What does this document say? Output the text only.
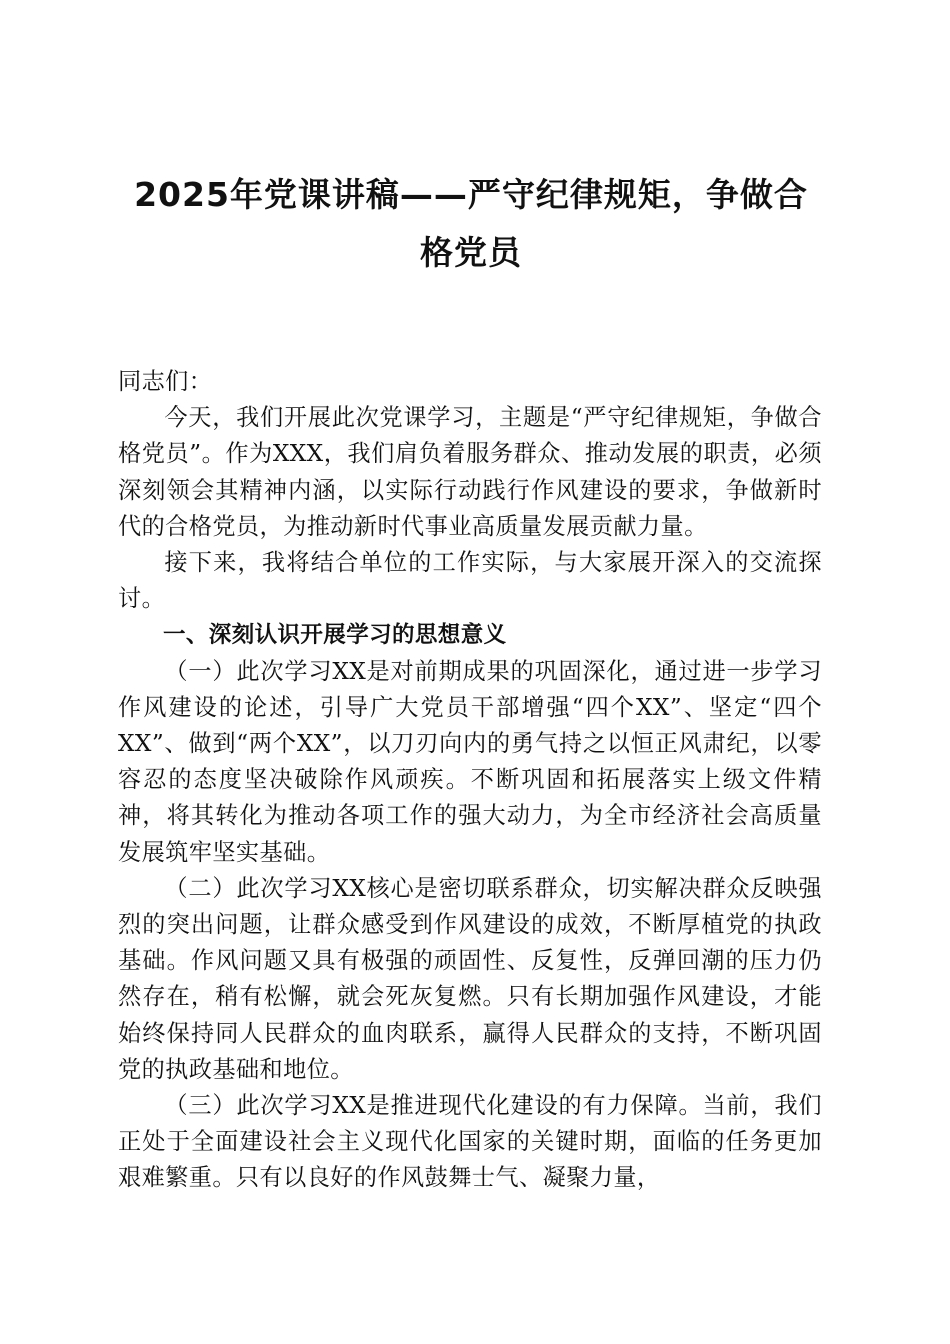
2025年党课讲稿——严守纪律规矩，争做合格党员

同志们：

今天，我们开展此次党课学习，主题是“严守纪律规矩，争做合格党员”。作为XXX，我们肩负着服务群众、推动发展的职责，必须深刻领会其精神内涵，以实际行动践行作风建设的要求，争做新时代的合格党员，为推动新时代事业高质量发展贡献力量。

接下来，我将结合单位的工作实际，与大家展开深入的交流探讨。

一、深刻认识开展学习的思想意义

（一）此次学习XX是对前期成果的巩固深化，通过进一步学习作风建设的论述，引导广大党员干部增强“四个XX”、坚定“四个XX”、做到“两个XX”，以刀刃向内的勇气持之以恒正风肃纪，以零容忍的态度坚决破除作风顽疾。不断巩固和拓展落实上级文件精神，将其转化为推动各项工作的强大动力，为全市经济社会高质量发展筑牢坚实基础。

（二）此次学习XX核心是密切联系群众，切实解决群众反映强烈的突出问题，让群众感受到作风建设的成效，不断厚植党的执政基础。作风问题又具有极强的顽固性、反复性，反弹回潮的压力仍然存在，稍有松懈，就会死灰复燃。只有长期加强作风建设，才能始终保持同人民群众的血肉联系，赢得人民群众的支持，不断巩固党的执政基础和地位。

（三）此次学习XX是推进现代化建设的有力保障。当前，我们正处于全面建设社会主义现代化国家的关键时期，面临的任务更加艰难繁重。只有以良好的作风鼓舞士气、凝聚力量，
